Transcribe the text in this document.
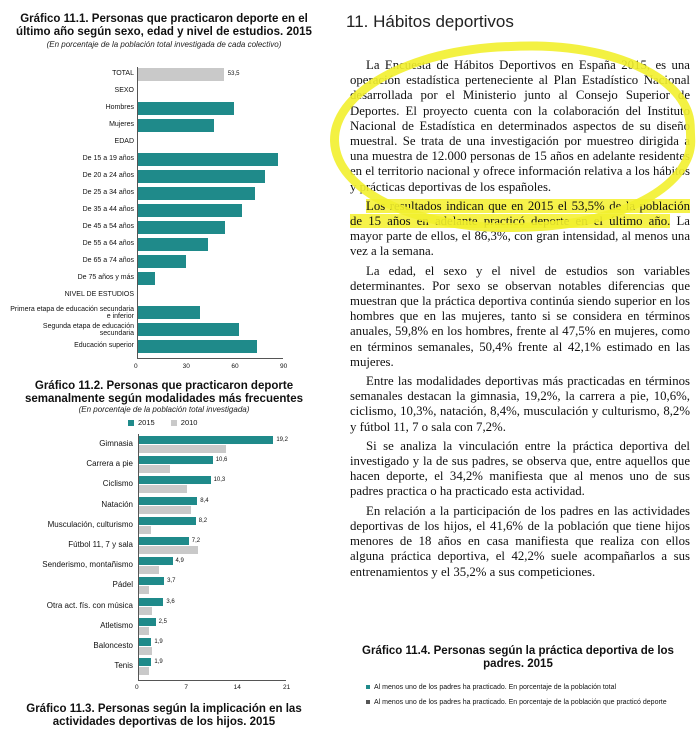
Gráfico 11.1. Personas que practicaron deporte en el
último año según sexo, edad y nivel de estudios. 2015
(En porcentaje de la población total investigada de cada colectivo)
TOTAL	53,5
SEXO
Hombres
Mujeres
EDAD
De 15 a 19 años
De 20 a 24 años
De 25 a 34 años
De 35 a 44 años
De 45 a 54 años
De 55 a 64 años
De 65 a 74 años
De 75 años y más
NIVEL DE ESTUDIOS
Primera etapa de educación secundaria e inferior
Segunda etapa de educación secundaria
Educación superior
0	30	60	90
Gráfico 11.2. Personas que practicaron deporte
semanalmente según modalidades más frecuentes
(En porcentaje de la población total investigada)
2015	2010
Gimnasia	19,2
Carrera a pie	10,6
Ciclismo	10,3
Natación	8,4
Musculación, culturismo	8,2
Fútbol 11, 7 y sala	7,2
Senderismo, montañismo	4,9
Pádel	3,7
Otra act. fís. con música	3,6
Atletismo	2,5
Baloncesto	1,9
Tenis	1,9
0	7	14	21
Gráfico 11.3. Personas según la implicación en las
actividades deportivas de los hijos. 2015
11. Hábitos deportivos

La Encuesta de Hábitos Deportivos en España 2015, es una operación estadística perteneciente al Plan Estadístico Nacional desarrollada por el Ministerio junto al Consejo Superior de Deportes. El proyecto cuenta con la colaboración del Instituto Nacional de Estadística en determinados aspectos de su diseño muestral. Se trata de una investigación por muestreo dirigida a una muestra de 12.000 personas de 15 años en adelante residentes en el territorio nacional y ofrece información relativa a los hábitos y prácticas deportivas de los españoles.

Los resultados indican que en 2015 el 53,5% de la población de 15 años en adelante practicó deporte en el último año. La mayor parte de ellos, el 86,3%, con gran intensidad, al menos una vez a la semana.

La edad, el sexo y el nivel de estudios son variables determinantes. Por sexo se observan notables diferencias que muestran que la práctica deportiva continúa siendo superior en los hombres que en las mujeres, tanto si se considera en términos anuales, 59,8% en los hombres, frente al 47,5% en mujeres, como en términos semanales, 50,4% frente al 42,1% estimado en las mujeres.

Entre las modalidades deportivas más practicadas en términos semanales destacan la gimnasia, 19,2%, la carrera a pie, 10,6%, ciclismo, 10,3%, natación, 8,4%, musculación y culturismo, 8,2% y fútbol 11, 7 o sala con 7,2%.

Si se analiza la vinculación entre la práctica deportiva del investigado y la de sus padres, se observa que, entre aquellos que hacen deporte, el 34,2% manifiesta que al menos uno de sus padres practica o ha practicado esta actividad.

En relación a la participación de los padres en las actividades deportivas de los hijos, el 41,6% de la población que tiene hijos menores de 18 años en casa manifiesta que realiza con ellos alguna práctica deportiva, el 42,2% suele acompañarlos a sus entrenamientos y el 35,2% a sus competiciones.

Gráfico 11.4. Personas según la práctica deportiva de los
padres. 2015
Al menos uno de los padres ha practicado. En porcentaje de la población total
Al menos uno de los padres ha practicado. En porcentaje de la población que practicó deporte
